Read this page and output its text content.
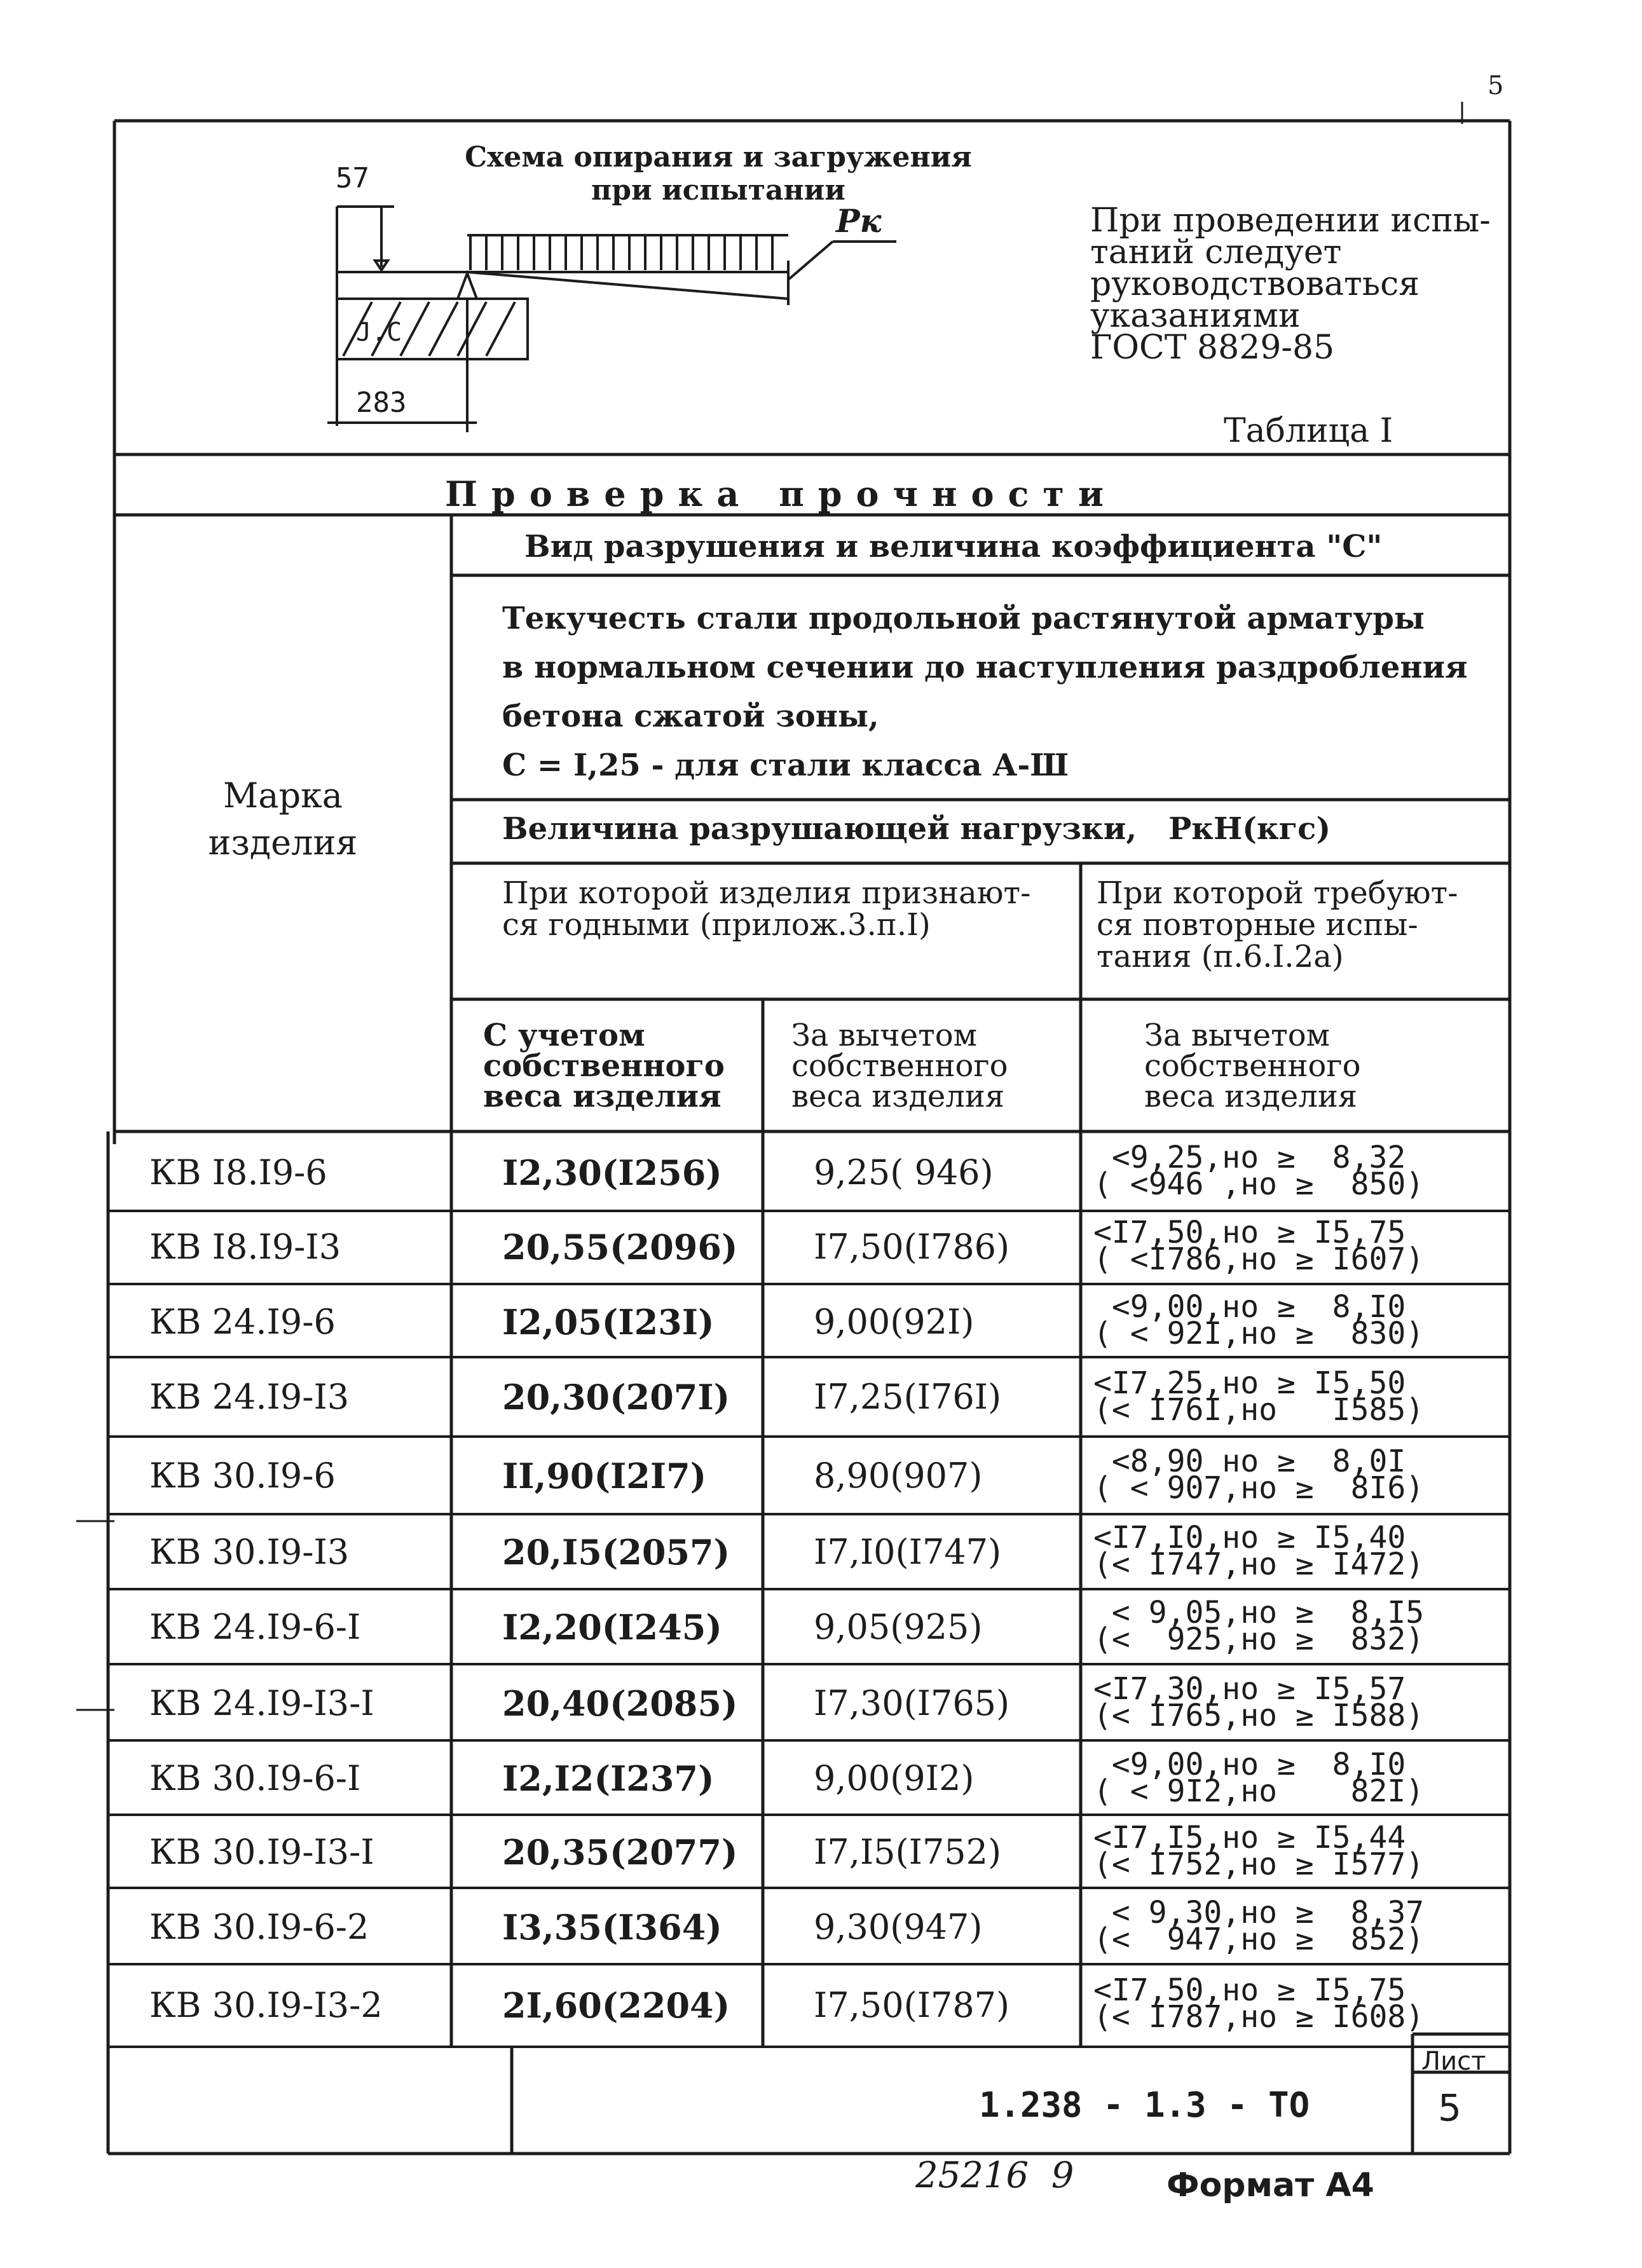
5
Схема опирания и загружения
при испытании
57
283
J.C
Pк	При проведении испы-
таний следует
руководствоваться
указаниями
ГОСТ 8829-85
Таблица I
Проверка прочности
Марка
изделия
Вид разрушения и величина коэффициента "С"
Текучесть стали продольной растянутой арматуры
в нормальном сечении до наступления раздробления
бетона сжатой зоны,
С = I,25 - для стали класса А-Ш
Величина разрушающей нагрузки,   РкН(кгс)
При которой изделия признают-
ся годными (прилож.3.п.I)
При которой требуют-
ся повторные испы-
тания (п.6.I.2а)
С учетом
собственного
веса изделия
За вычетом
собственного
веса изделия
За вычетом
собственного
веса изделия
КВ I8.I9-6	I2,30(I256)	9,25( 946)	<9,25,но ≥  8,32
( <946 ,но ≥  850)
КВ I8.I9-I3	20,55(2096) I7,50(I786)	<I7,50,но ≥ I5,75
( <I786,но ≥ I607)
КВ 24.I9-6	I2,05(I23I)	9,00(92I)	<9,00,но ≥  8,I0
( < 92I,но ≥  830)
КВ 24.I9-I3	20,30(207I) I7,25(I76I)	<I7,25,но ≥ I5,50
(< I76I,но   I585)
КВ 30.I9-6	II,90(I2I7)	8,90(907)	<8,90 но ≥  8,0I
( < 907,но ≥  8I6)
КВ 30.I9-I3	20,I5(2057) I7,I0(I747)	<I7,I0,но ≥ I5,40
(< I747,но ≥ I472)
КВ 24.I9-6-I	I2,20(I245)	9,05(925)	< 9,05,но ≥  8,I5
(<  925,но ≥  832)
КВ 24.I9-I3-I	20,40(2085) I7,30(I765)	<I7,30,но ≥ I5,57
(< I765,но ≥ I588)
КВ 30.I9-6-I	I2,I2(I237)	9,00(9I2)	<9,00,но ≥  8,I0
( < 9I2,но    82I)
КВ 30.I9-I3-I	20,35(2077) I7,I5(I752)	<I7,I5,но ≥ I5,44
(< I752,но ≥ I577)
КВ 30.I9-6-2	I3,35(I364)	9,30(947)	< 9,30,но ≥  8,37
(<  947,но ≥  852)
КВ 30.I9-I3-2	2I,60(2204) I7,50(I787)	<I7,50,но ≥ I5,75
(< I787,но ≥ I608)
1.238 - 1.3 - ТО
Лист
5
25216  9	Формат А4
